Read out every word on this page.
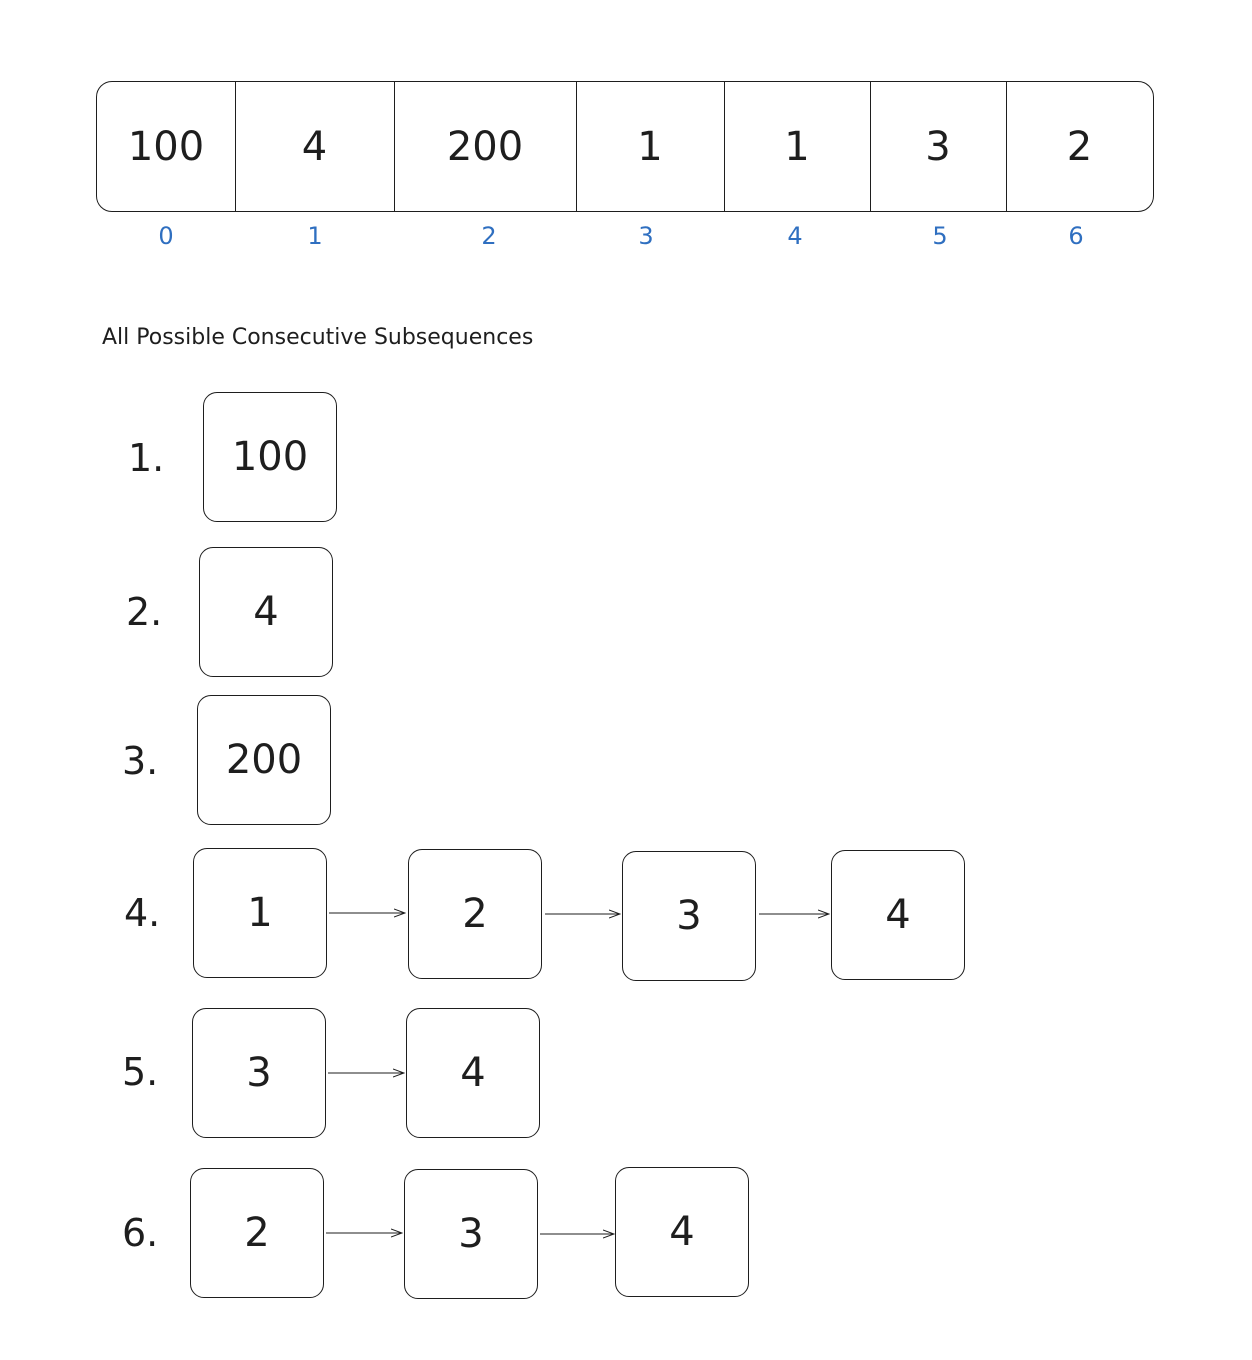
100	4	200	1	1	3	2
0	1	2	3	4	5	6
All Possible Consecutive Subsequences
1.
2.
3.
4.
5.
6.
100
4
200
1	2	3	4
3	4
2	3	4
